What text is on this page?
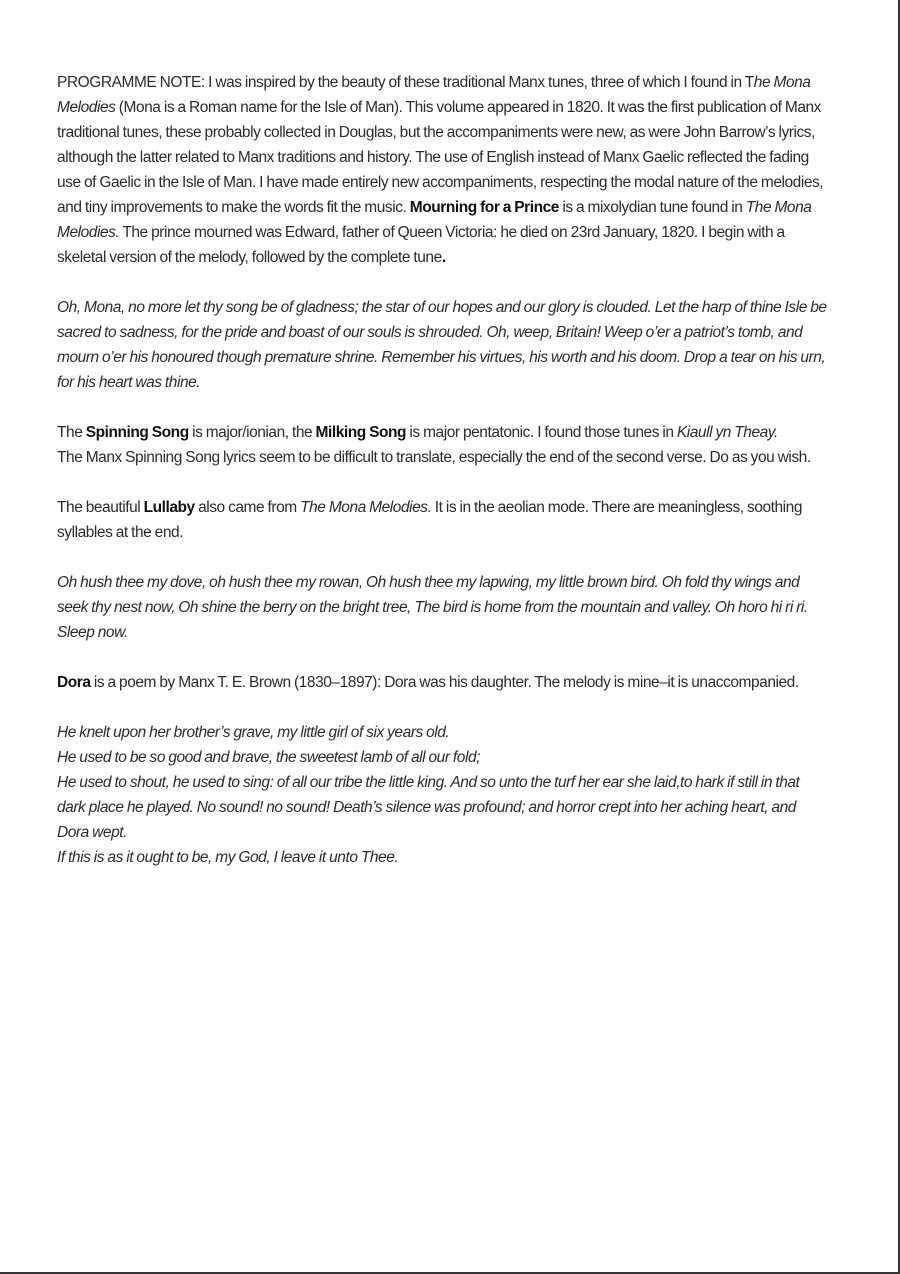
PROGRAMME NOTE: I was inspired by the beauty of these traditional Manx tunes, three of which I found in The Mona Melodies (Mona is a Roman name for the Isle of Man). This volume appeared in 1820. It was the first publication of Manx traditional tunes, these probably collected in Douglas, but the accompaniments were new, as were John Barrow’s lyrics, although the latter related to Manx traditions and history. The use of English instead of Manx Gaelic reflected the fading use of Gaelic in the Isle of Man. I have made entirely new accompaniments, respecting the modal nature of the melodies, and tiny improvements to make the words fit the music. Mourning for a Prince is a mixolydian tune found in The Mona Melodies. The prince mourned was Edward, father of Queen Victoria: he died on 23rd January, 1820. I begin with a skeletal version of the melody, followed by the complete tune.

Oh, Mona, no more let thy song be of gladness; the star of our hopes and our glory is clouded. Let the harp of thine Isle be sacred to sadness, for the pride and boast of our souls is shrouded. Oh, weep, Britain! Weep o’er a patriot’s tomb, and mourn o’er his honoured though premature shrine. Remember his virtues, his worth and his doom. Drop a tear on his urn, for his heart was thine.

The Spinning Song is major/ionian, the Milking Song is major pentatonic. I found those tunes in Kiaull yn Theay.
The Manx Spinning Song lyrics seem to be difficult to translate, especially the end of the second verse. Do as you wish.

The beautiful Lullaby also came from The Mona Melodies. It is in the aeolian mode. There are meaningless, soothing syllables at the end.

Oh hush thee my dove, oh hush thee my rowan, Oh hush thee my lapwing, my little brown bird. Oh fold thy wings and seek thy nest now, Oh shine the berry on the bright tree, The bird is home from the mountain and valley. Oh horo hi ri ri. Sleep now.

Dora is a poem by Manx T. E. Brown (1830–1897): Dora was his daughter. The melody is mine–it is unaccompanied.

He knelt upon her brother’s grave, my little girl of six years old.
He used to be so good and brave, the sweetest lamb of all our fold;
He used to shout, he used to sing: of all our tribe the little king. And so unto the turf her ear she laid,to hark if still in that dark place he played. No sound! no sound! Death’s silence was profound; and horror crept into her aching heart, and Dora wept.
If this is as it ought to be, my God, I leave it unto Thee.
